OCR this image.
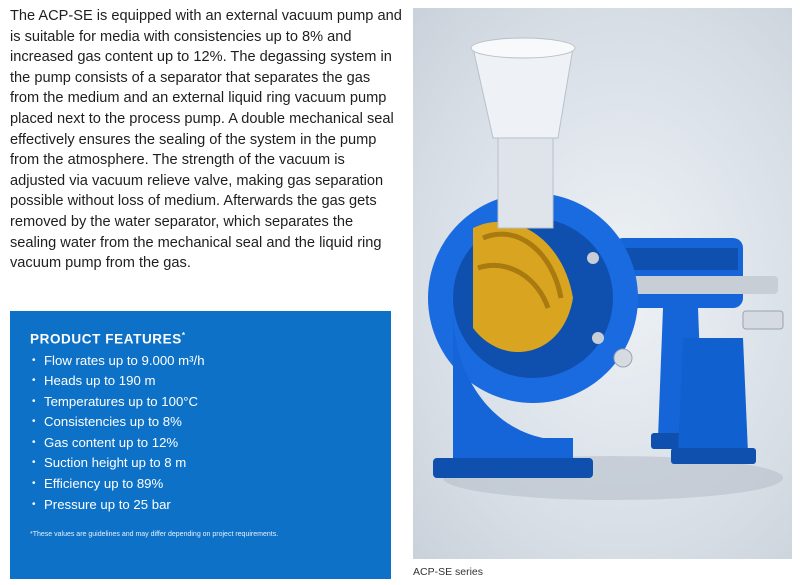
The ACP-SE is equipped with an external vacuum pump and is suitable for media with consistencies up to 8% and increased gas content up to 12%. The degassing system in the pump consists of a separator that separates the gas from the medium and an external liquid ring vacuum pump placed next to the process pump. A double mechanical seal effectively ensures the sealing of the system in the pump from the atmosphere. The strength of the vacuum is adjusted via vacuum relieve valve, making gas separation possible without loss of medium. Afterwards the gas gets removed by the water separator, which separates the sealing water from the mechanical seal and the liquid ring vacuum pump from the gas.

PRODUCT FEATURES*
• Flow rates up to 9.000 m³/h
• Heads up to 190 m
• Temperatures up to 100°C
• Consistencies up to 8%
• Gas content up to 12%
• Suction height up to 8 m
• Efficiency up to 89%
• Pressure up to 25 bar
*These values are guidelines and may differ depending on project requirements.
ACP-SE series
